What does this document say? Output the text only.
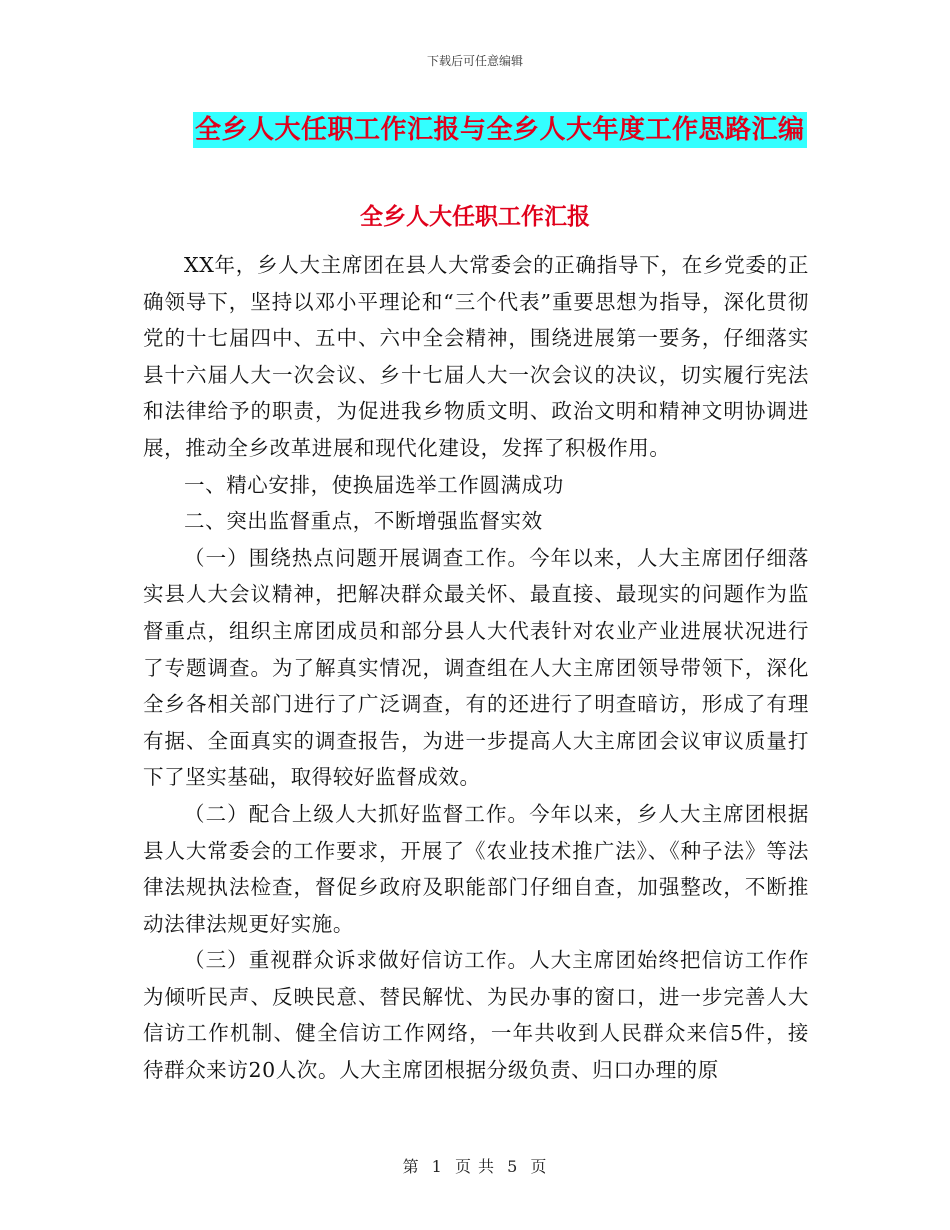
下载后可任意编辑
全乡人大任职工作汇报与全乡人大年度工作思路汇编
全乡人大任职工作汇报

XX年，乡人大主席团在县人大常委会的正确指导下，在乡党委的正确领导下，坚持以邓小平理论和“三个代表”重要思想为指导，深化贯彻党的十七届四中、五中、六中全会精神，围绕进展第一要务，仔细落实县十六届人大一次会议、乡十七届人大一次会议的决议，切实履行宪法和法律给予的职责，为促进我乡物质文明、政治文明和精神文明协调进展，推动全乡改革进展和现代化建设，发挥了积极作用。

一、精心安排，使换届选举工作圆满成功

二、突出监督重点，不断增强监督实效

（一）围绕热点问题开展调查工作。今年以来，人大主席团仔细落实县人大会议精神，把解决群众最关怀、最直接、最现实的问题作为监督重点，组织主席团成员和部分县人大代表针对农业产业进展状况进行了专题调查。为了解真实情况，调查组在人大主席团领导带领下，深化全乡各相关部门进行了广泛调查，有的还进行了明查暗访，形成了有理有据、全面真实的调查报告，为进一步提高人大主席团会议审议质量打下了坚实基础，取得较好监督成效。

（二）配合上级人大抓好监督工作。今年以来，乡人大主席团根据县人大常委会的工作要求，开展了《农业技术推广法》、《种子法》等法律法规执法检查，督促乡政府及职能部门仔细自查，加强整改，不断推动法律法规更好实施。

（三）重视群众诉求做好信访工作。人大主席团始终把信访工作作为倾听民声、反映民意、替民解忧、为民办事的窗口，进一步完善人大信访工作机制、健全信访工作网络，一年共收到人民群众来信5件，接待群众来访20人次。人大主席团根据分级负责、归口办理的原

第 1 页 共 5 页
